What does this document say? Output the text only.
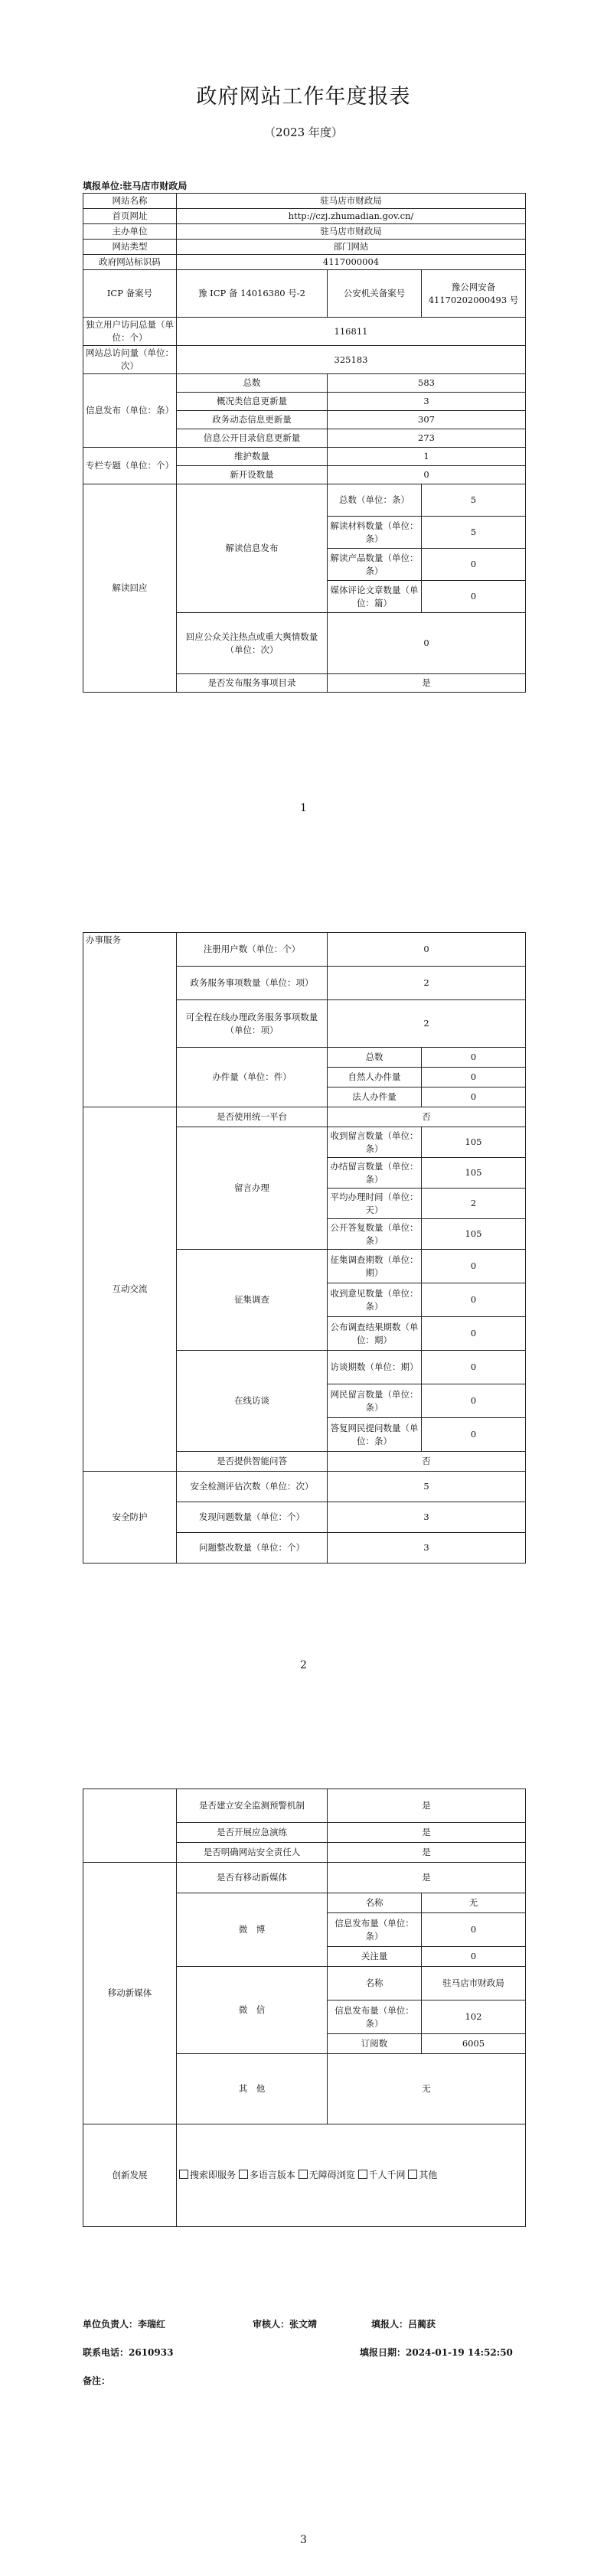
政府网站工作年度报表
（2023 年度）
填报单位:驻马店市财政局
网站名称	驻马店市财政局		
首页网址	http://czj.zhumadian.gov.cn/		
主办单位	驻马店市财政局		
网站类型	部门网站		
政府网站标识码	4117000004		
ICP 备案号	豫 ICP 备 14016380 号-2	公安机关备案号	豫公网安备 41170202000493 号
独立用户访问总量（单位：个）	116811		
网站总访问量（单位：次）	325183		
信息发布（单位：条）	总数	583	
	概况类信息更新量	3	
	政务动态信息更新量	307	
	信息公开目录信息更新量	273	
专栏专题（单位：个）	维护数量	1	
	新开设数量	0	
解读回应	解读信息发布	总数（单位：条）	5
		解读材料数量（单位：条）	5
		解读产品数量（单位：条）	0
		媒体评论文章数量（单位：篇）	0
	回应公众关注热点或重大舆情数量（单位：次）	0	
	是否发布服务事项目录	是	
1
办事服务	注册用户数（单位：个）	0	
	政务服务事项数量（单位：项）	2	
	可全程在线办理政务服务事项数量（单位：项）	2	
	办件量（单位：件）	总数	0
		自然人办件量	0
		法人办件量	0
互动交流	是否使用统一平台	否	
	留言办理	收到留言数量（单位：条）	105
		办结留言数量（单位：条）	105
		平均办理时间（单位：天）	2
		公开答复数量（单位：条）	105
	征集调查	征集调查期数（单位：期）	0
		收到意见数量（单位：条）	0
		公布调查结果期数（单位：期）	0
	在线访谈	访谈期数（单位：期）	0
		网民留言数量（单位：条）	0
		答复网民提问数量（单位：条）	0
	是否提供智能问答	否	
安全防护	安全检测评估次数（单位：次）	5	
	发现问题数量（单位：个）	3	
	问题整改数量（单位：个）	3	
2
	是否建立安全监测预警机制	是	
	是否开展应急演练	是	
	是否明确网站安全责任人	是	
移动新媒体	是否有移动新媒体	是	
	微　博	名称	无
		信息发布量（单位：条）	0
		关注量	0
	微　信	名称	驻马店市财政局
		信息发布量（单位：条）	102
		订阅数	6005
	其　他	无	
创新发展	搜索即服务 多语言版本 无障碍浏览 千人千网 其他		
单位负责人：李瑞红	审核人：张文靖	填报人：吕蔺获
联系电话：2610933	填报日期：2024-01-19 14:52:50
备注：
3
